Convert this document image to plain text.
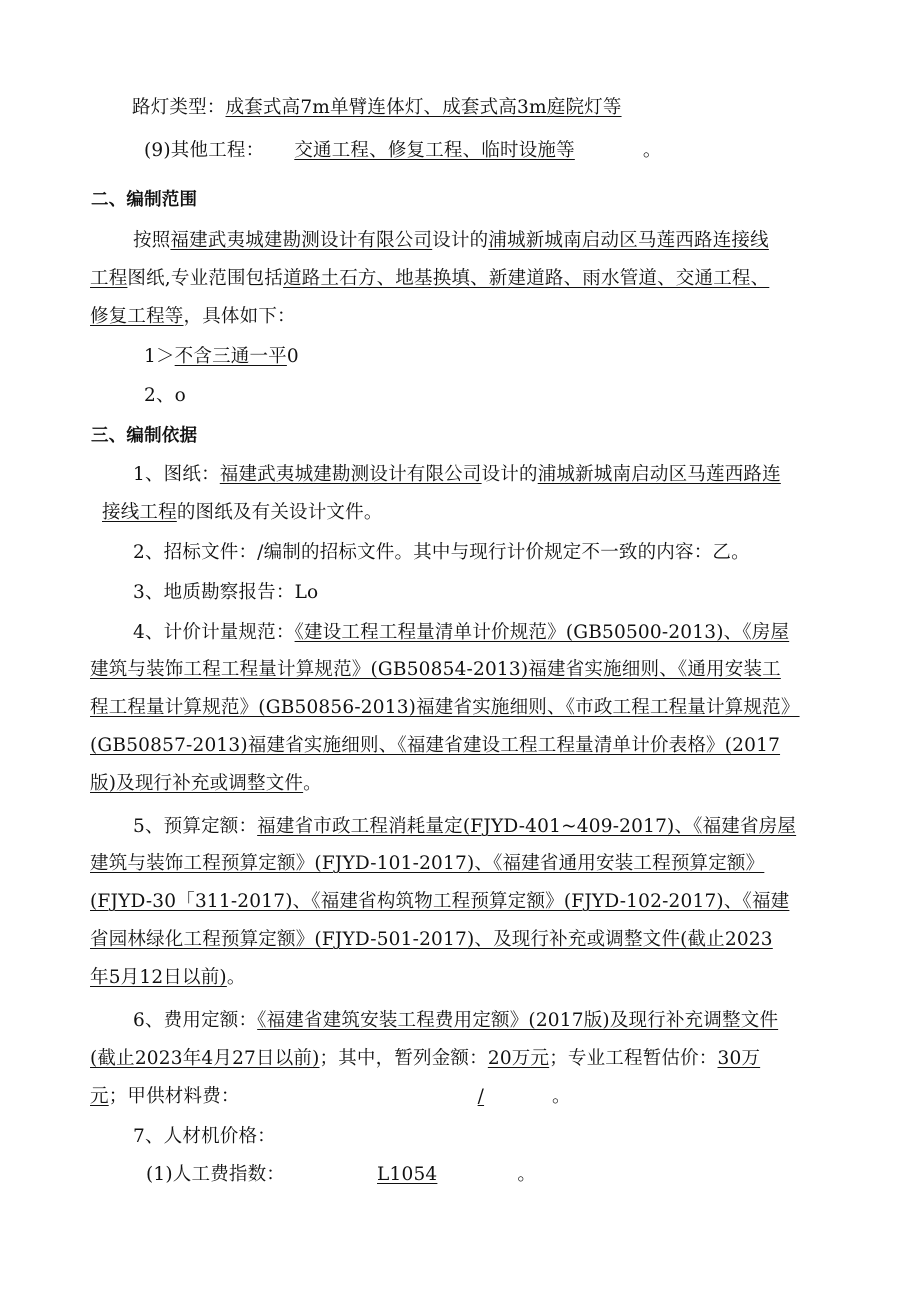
路灯类型：成套式高7m单臂连体灯、成套式高3m庭院灯等
(9)其他工程： 交通工程、修复工程、临时设施等	。
二、编制范围
按照福建武夷城建勘测设计有限公司设计的浦城新城南启动区马莲西路连接线
工程图纸,专业范围包括道路土石方、地基换填、新建道路、雨水管道、交通工程、
修复工程等，具体如下：
1＞不含三通一平0
2、o
三、编制依据
1、图纸：福建武夷城建勘测设计有限公司设计的浦城新城南启动区马莲西路连
接线工程的图纸及有关设计文件。
2、招标文件：/编制的招标文件。其中与现行计价规定不一致的内容：乙。
3、地质勘察报告：Lo
4、计价计量规范：《建设工程工程量清单计价规范》(GB50500-2013)、《房屋
建筑与装饰工程工程量计算规范》(GB50854-2013)福建省实施细则、《通用安装工
程工程量计算规范》(GB50856-2013)福建省实施细则、《市政工程工程量计算规范》
(GB50857-2013)福建省实施细则、《福建省建设工程工程量清单计价表格》(2017
版)及现行补充或调整文件。
5、预算定额：福建省市政工程消耗量定(FJYD-401~409-2017)、《福建省房屋
建筑与装饰工程预算定额》(FJYD-101-2017)、《福建省通用安装工程预算定额》
(FJYD-30「311-2017)、《福建省构筑物工程预算定额》(FJYD-102-2017)、《福建
省园林绿化工程预算定额》(FJYD-501-2017)、及现行补充或调整文件(截止2023
年5月12日以前)。
6、费用定额：《福建省建筑安装工程费用定额》(2017版)及现行补充调整文件
(截止2023年4月27日以前)；其中，暂列金额：20万元；专业工程暂估价：30万
元；甲供材料费：	/	。
7、人材机价格：
(1)人工费指数：	L1054	。
